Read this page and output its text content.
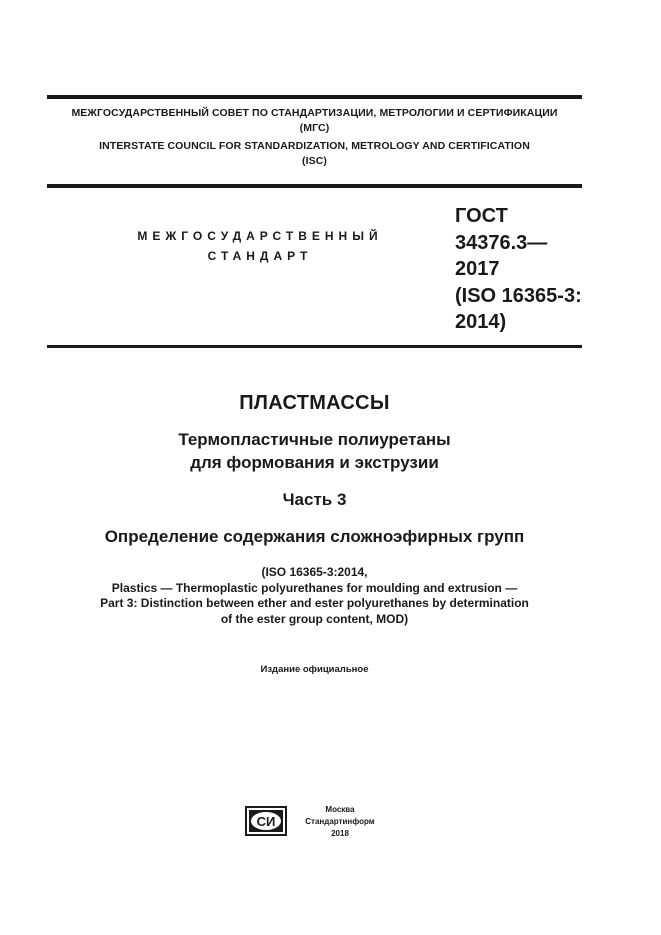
МЕЖГОСУДАРСТВЕННЫЙ СОВЕТ ПО СТАНДАРТИЗАЦИИ, МЕТРОЛОГИИ И СЕРТИФИКАЦИИ
(МГС)
INTERSTATE COUNCIL FOR STANDARDIZATION, METROLOGY AND CERTIFICATION
(ISC)
МЕЖГОСУДАРСТВЕННЫЙ
СТАНДАРТ
ГОСТ
34376.3—
2017
(ISO 16365-3:
2014)
ПЛАСТМАССЫ
Термопластичные полиуретаны
для формования и экструзии
Часть 3
Определение содержания сложноэфирных групп
(ISO 16365-3:2014,
Plastics — Thermoplastic polyurethanes for moulding and extrusion —
Part 3: Distinction between ether and ester polyurethanes by determination
of the ester group content, MOD)
Издание официальное
СИ
Москва
Стандартинформ
2018
